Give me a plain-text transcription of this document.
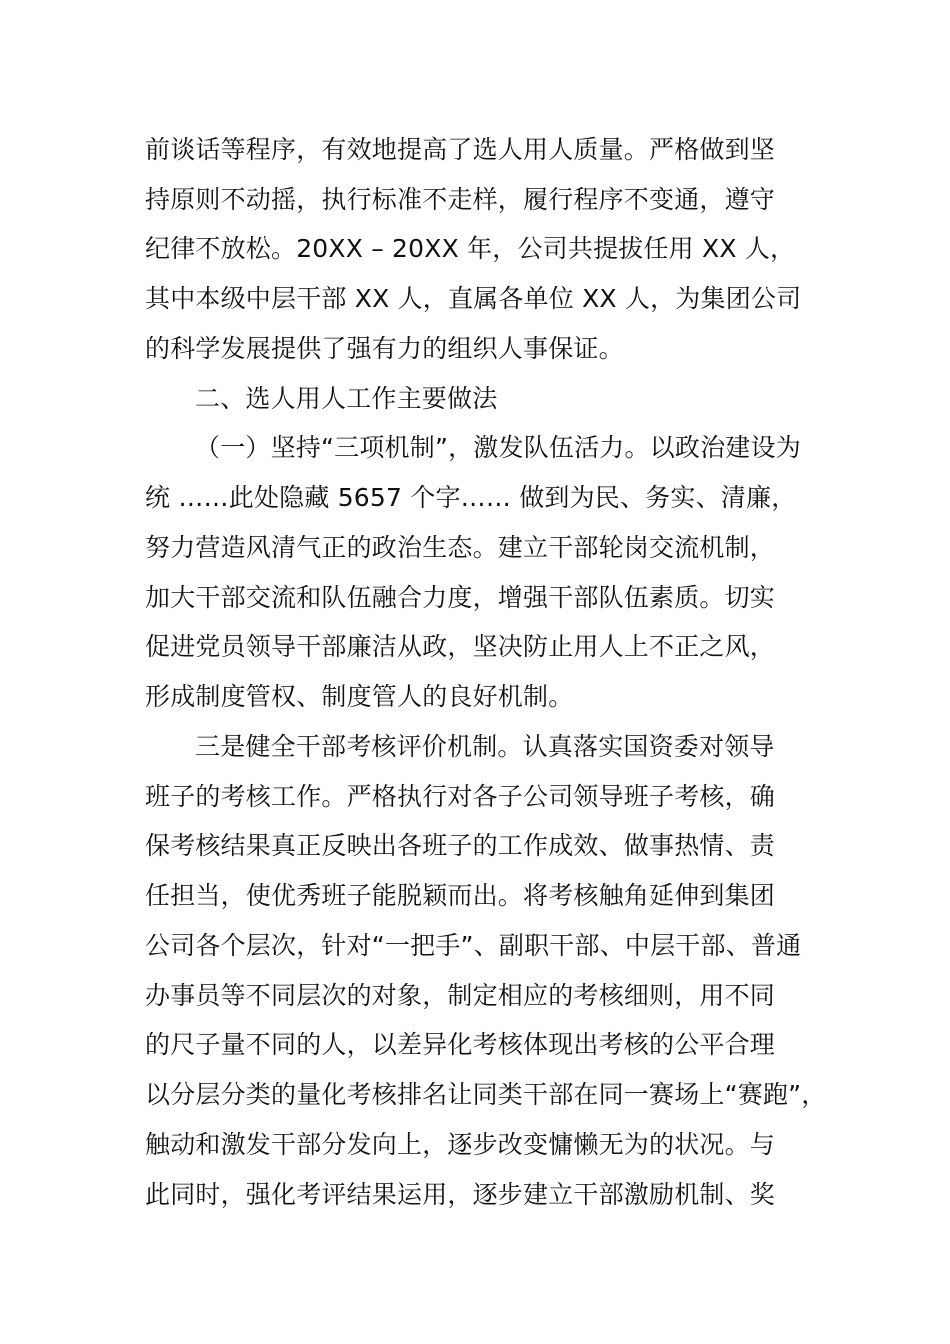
前谈话等程序，有效地提高了选人用人质量。严格做到坚
持原则不动摇，执行标准不走样，履行程序不变通，遵守
纪律不放松。20XX – 20XX 年，公司共提拔任用 XX 人，
其中本级中层干部 XX 人，直属各单位 XX 人，为集团公司
的科学发展提供了强有力的组织人事保证。
二、选人用人工作主要做法
（一）坚持“三项机制”，激发队伍活力。以政治建设为
统 ……此处隐藏 5657 个字…… 做到为民、务实、清廉，
努力营造风清气正的政治生态。建立干部轮岗交流机制，
加大干部交流和队伍融合力度，增强干部队伍素质。切实
促进党员领导干部廉洁从政，坚决防止用人上不正之风，
形成制度管权、制度管人的良好机制。
三是健全干部考核评价机制。认真落实国资委对领导
班子的考核工作。严格执行对各子公司领导班子考核，确
保考核结果真正反映出各班子的工作成效、做事热情、责
任担当，使优秀班子能脱颖而出。将考核触角延伸到集团
公司各个层次，针对“一把手”、副职干部、中层干部、普通
办事员等不同层次的对象，制定相应的考核细则，用不同
的尺子量不同的人，以差异化考核体现出考核的公平合理
以分层分类的量化考核排名让同类干部在同一赛场上“赛跑”，
触动和激发干部分发向上，逐步改变慵懒无为的状况。与
此同时，强化考评结果运用，逐步建立干部激励机制、奖
